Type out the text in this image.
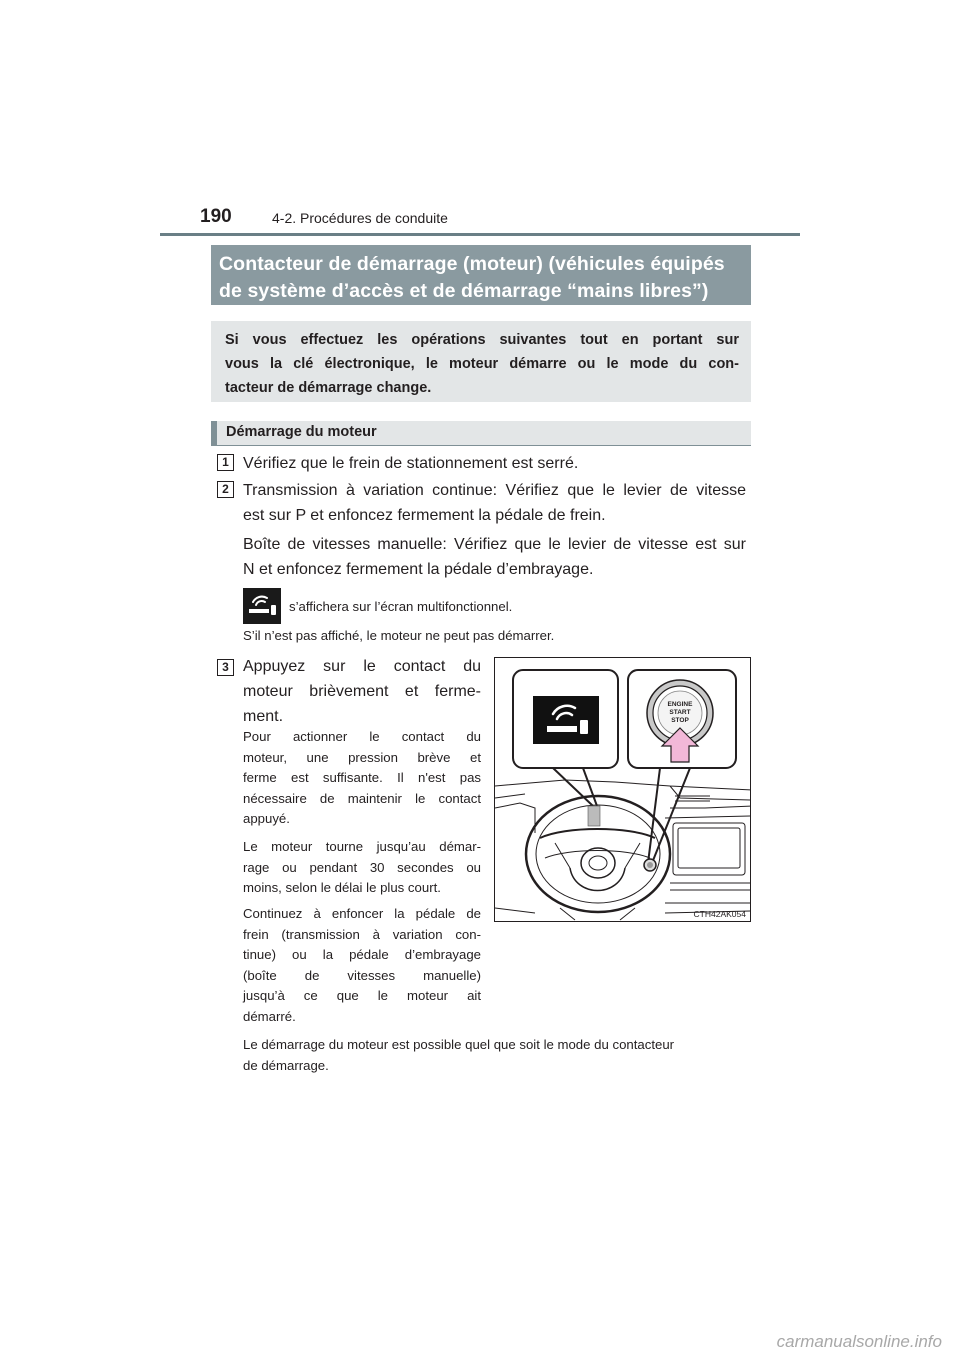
190	4-2. Procédures de conduite
Contacteur de démarrage (moteur) (véhicules équipés
de système d’accès et de démarrage “mains libres”)
Si vous effectuez les opérations suivantes tout en portant sur
vous la clé électronique, le moteur démarre ou le mode du con-
tacteur de démarrage change.
Démarrage du moteur
1 Vérifiez que le frein de stationnement est serré.
2 Transmission à variation continue: Vérifiez que le levier de vitesse
est sur P et enfoncez fermement la pédale de frein.
Boîte de vitesses manuelle: Vérifiez que le levier de vitesse est sur
N et enfoncez fermement la pédale d’embrayage.
s’affichera sur l’écran multifonctionnel.
S’il n’est pas affiché, le moteur ne peut pas démarrer.
3 Appuyez sur le contact du
moteur brièvement et ferme-
ment.
Pour actionner le contact du
moteur, une pression brève et
ferme est suffisante. Il n'est pas
nécessaire de maintenir le contact
appuyé.
Le moteur tourne jusqu’au démar-
rage ou pendant 30 secondes ou
moins, selon le délai le plus court.
Continuez à enfoncer la pédale de
frein (transmission à variation con-
tinue) ou la pédale d’embrayage
(boîte de vitesses manuelle)
jusqu’à ce que le moteur ait
démarré.
Le démarrage du moteur est possible quel que soit le mode du contacteur
de démarrage.
ENGINE
START
STOP
CTH42AK054
carmanualsonline.info
